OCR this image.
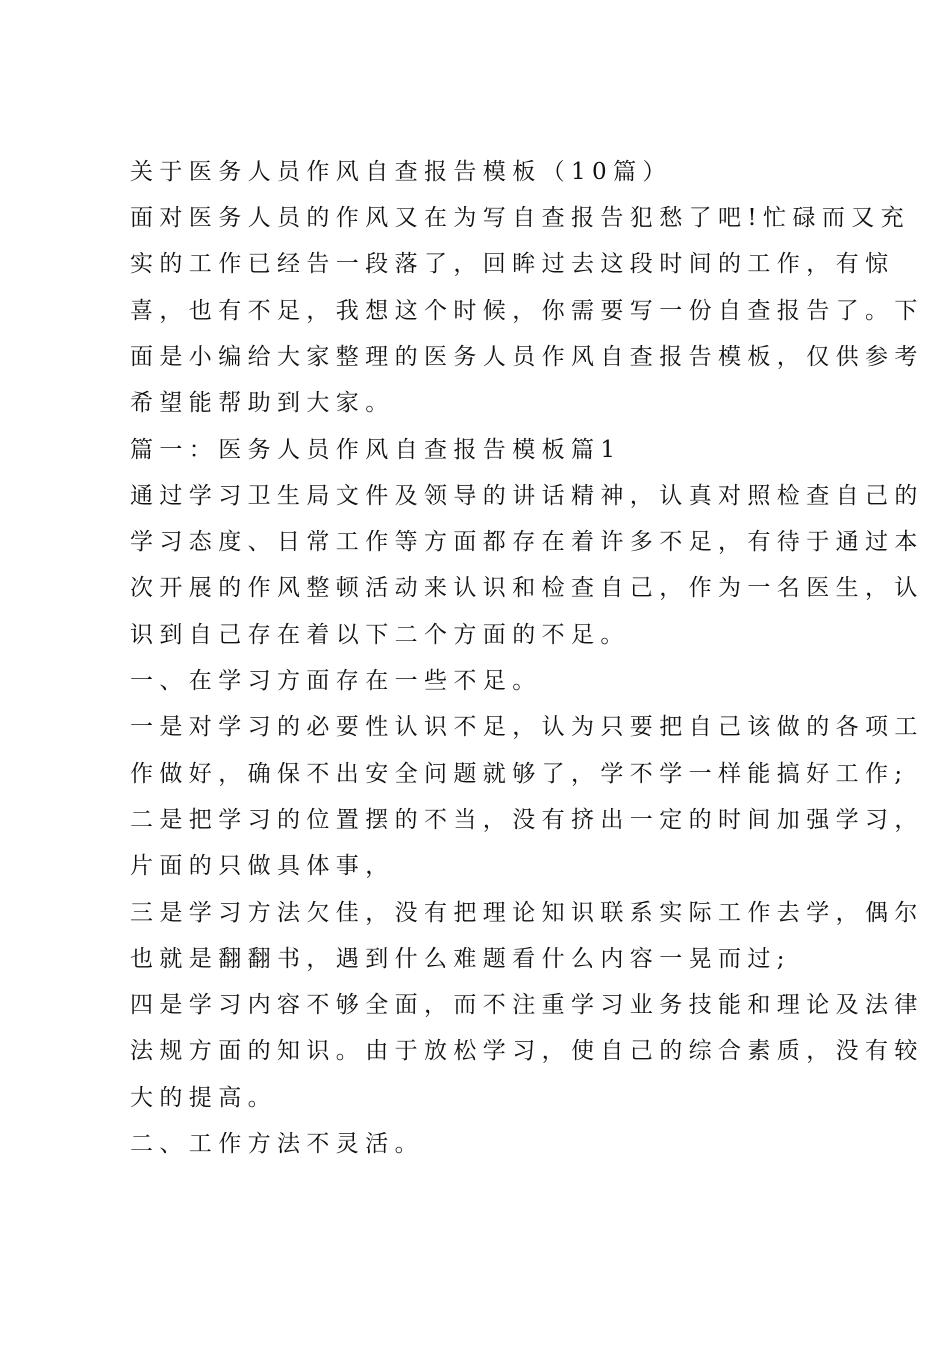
关于医务人员作风自查报告模板（10篇）
面对医务人员的作风又在为写自查报告犯愁了吧!忙碌而又充
实的工作已经告一段落了，回眸过去这段时间的工作，有惊
喜，也有不足，我想这个时候，你需要写一份自查报告了。下
面是小编给大家整理的医务人员作风自查报告模板，仅供参考
希望能帮助到大家。
篇一：医务人员作风自查报告模板篇1
通过学习卫生局文件及领导的讲话精神，认真对照检查自己的
学习态度、日常工作等方面都存在着许多不足，有待于通过本
次开展的作风整顿活动来认识和检查自己，作为一名医生，认
识到自己存在着以下二个方面的不足。
一、在学习方面存在一些不足。
一是对学习的必要性认识不足，认为只要把自己该做的各项工
作做好，确保不出安全问题就够了，学不学一样能搞好工作;
二是把学习的位置摆的不当，没有挤出一定的时间加强学习，
片面的只做具体事，
三是学习方法欠佳，没有把理论知识联系实际工作去学，偶尔
也就是翻翻书，遇到什么难题看什么内容一晃而过;
四是学习内容不够全面，而不注重学习业务技能和理论及法律
法规方面的知识。由于放松学习，使自己的综合素质，没有较
大的提高。
二、工作方法不灵活。
